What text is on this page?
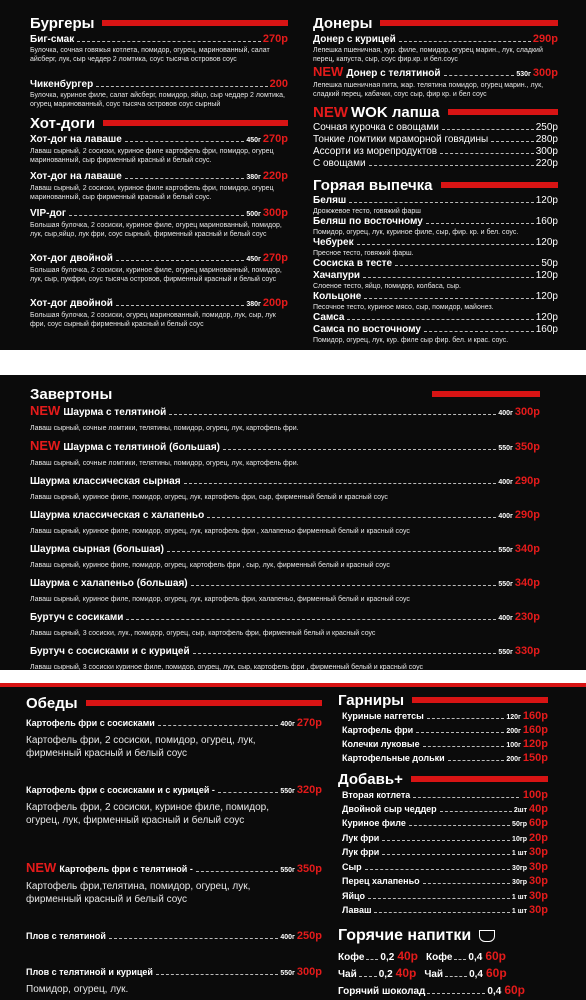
Бургеры
Биг-смак	270р
Булочка, сочная говяжья котлета, помидор, огурец, маринованный, салат айсберг, лук, сыр чеддер 2 ломтика, соус тысяча островов соус
Чикенбургер	200
Булочка, куриное филе, салат айсберг, помидор, яйцо, сыр чеддер 2 ломтика, огурец маринованный, соус тысяча островов соус сырный
Хот-доги
Хот-дог на лаваше	450г 270р
Лаваш сырный, 2 сосиски, куриное филе картофель фри, помидор, огурец маринованный, сыр фирменный красный и белый соус.
Хот-дог на лаваше	380г 220р
Лаваш сырный, 2 сосиски, куриное филе картофель фри, помидор, огурец маринованный, сыр фирменный красный и белый соус.
VIP-дог	500г 300р
Большая булочка, 2 сосиски, куриное филе, огурец маринованный, помидор, лук, сыр,яйцо, лук фри, соус сырный, фирменный красный и белый соус
Хот-дог двойной	450г 270р
Большая булочка, 2 сосиски, куриное филе, огурец маринованный, помидор, лук, сыр, пукфри, соус тысяча островов, фирменный красный и белый соус
Хот-дог двойной	380г 200р
Большая булочка, 2 сосиски, огурец маринованный, помидор, лук, сыр, лук фри, соус сырный фирменный красный и белый соус
Донеры
Донер с курицей	290р
Лепешка пшеничная, кур. филе, помидор, огурец марин., лук, сладкий перец, капуста, сыр, соус фир.кр. и бел.соус
NEW Донер с телятиной	530г 300р
Лепешка пшеничная пита, жар. телятина помидор, огурец марин., лук, сладкий перец, кабачки, соус сыр, фир кр. и бел соус
NEW WOK лапша
Сочная курочка с овощами	250р
Тонкие ломтики мраморной говядины	280р
Ассорти из морепродуктов	300р
С овощами	220р
Горяая выпечка
Беляш	120р
Дрожжевое тесто, говяжий фарш
Беляш по восточному	160р
Помидор, огурец, лук, куриное филе, сыр, фир. кр. и бел. соус.
Чебурек	120р
Пресное тесто, говяжий фарш.
Сосиска в тесте	50р
Хачапури	120р
Слоеное тесто, яйцо, помидор, колбаса, сыр.
Кольцоне	120р
Песочное тесто, куриное мясо, сыр, помидор, майонез.
Самса	120р
Самса по восточному	160р
Помидор, огурец, лук, кур. филе сыр фир. бел. и крас. соус.
Завертоны
NEW Шаурма с телятиной	400г 300р
Лаваш сырный, сочные ломтики, телятины, помидор, огурец, лук, картофель фри.
NEW Шаурма с телятиной (большая)	550г 350р
Лаваш сырный, сочные ломтики, телятины, помидор, огурец, лук, картофель фри.
Шаурма классическая сырная	400г 290р
Лаваш сырный, куриное филе, помидор, огурец, лук, картофель фри, сыр, фирменный белый и красный соус
Шаурма классическая с халапеньо	400г 290р
Лаваш сырный, куриное филе, помидор, огурец, лук, картофель фри , халапеньо фирменный белый и красный соус
Шаурма сырная (большая)	550г 340р
Лаваш сырный, куриное филе, помидор, огурец, картофель фри , сыр, лук, фирменный белый и красный соус
Шаурма с халапеньо (большая)	550г 340р
Лаваш сырный, куриное филе, помидор, огурец, лук, картофель фри, халапеньо, фирменный белый и красный соус
Буртуч с сосиками	400г 230р
Лаваш сырный, 3 сосиски, лук., помидор, огурец, сыр, картофель фри, фирменный белый и красный соус
Буртуч с сосисками и с курицей	550г 330р
Лаваш сырный, 3 сосиски куриное филе, помидор, огурец, лук, сыр, картофель фри , фирменный белый и красный соус
Обеды
Картофель фри с сосисками	400г 270р
Картофель фри, 2 сосиски, помидор, огурец, лук, фирменный красный и белый соус
Картофель фри с сосисками и с курицей -	550г 320р
Картофель фри, 2 сосиски, куриное филе, помидор, огурец, лук, фирменный красный и белый соус
NEW Картофель фри с телятиной -	550г 350р
Картофель фри,телятина, помидор, огурец, лук, фирменный красный и белый соус
Плов с телятиной	400г 250р
Плов с телятиной и курицей	550г 300р
Помидор, огурец, лук.
Гарниры
Куриные наггетсы	120г 160р
Картофель фри	200г 160р
Колечки луковые	100г 120р
Картофельные дольки	200г 150р
Добавь+
Вторая котлета	100р
Двойной сыр чеддер	2шт 40р
Куриное филе	50гр 60р
Лук фри	10гр 20р
Лук фри	1 шт 30р
Сыр	30гр 30р
Перец халапеньо	30гр 30р
Яйцо	1 шт 30р
Лаваш	1 шт 30р
Горячие напитки
Кофе 0,2 40р Кофе 0,4 60р
Чай 0,2 40р Чай	0,4 60р
Горячий шоколад	0,4 60р
